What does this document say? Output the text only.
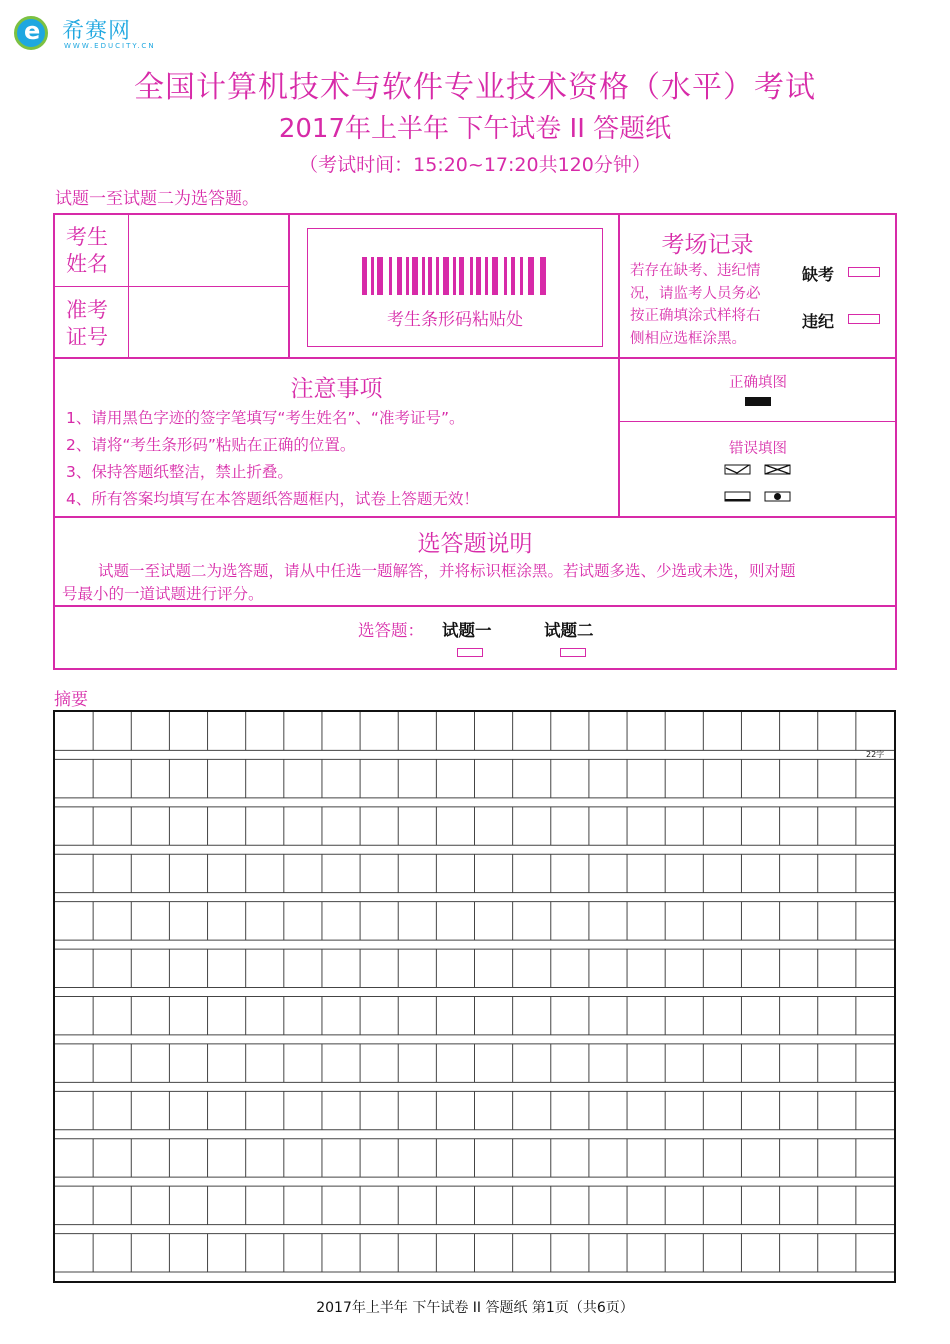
e
希赛网
WWW.EDUCITY.CN
全国计算机技术与软件专业技术资格（水平）考试
2017年上半年 下午试卷 II 答题纸
（考试时间：15:20~17:20共120分钟）
试题一至试题二为选答题。
考生
姓名
准考
证号
考生条形码粘贴处
考场记录
若存在缺考、违纪情
况，请监考人员务必
按正确填涂式样将右
侧相应选框涂黑。
缺考
违纪
注意事项
1、请用黑色字迹的签字笔填写“考生姓名”、“准考证号”。
2、请将“考生条形码”粘贴在正确的位置。
3、保持答题纸整洁，禁止折叠。
4、所有答案均填写在本答题纸答题框内，试卷上答题无效！
正确填图
错误填图
选答题说明
试题一至试题二为选答题，请从中任选一题解答，并将标识框涂黑。若试题多选、少选或未选，则对题
号最小的一道试题进行评分。
选答题： 试题一	试题二
摘要
22字
2017年上半年 下午试卷 II 答题纸 第1页（共6页）
